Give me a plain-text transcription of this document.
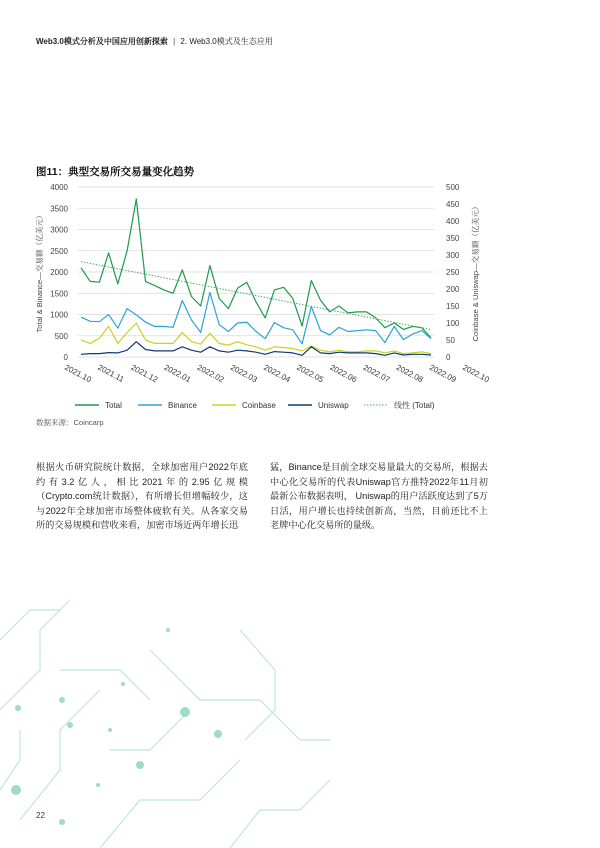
Web3.0模式分析及中国应用创新探索 | 2. Web3.0模式及生态应用
图11：典型交易所交易量变化趋势
0
500
1000
1500
2000
2500
3000
3500
4000
0
50
100
150
200
250
300
350
400
450
500
Total & Binance—交易额（亿美元）	Coinbase & Uniswap—交易额（亿美元）
2021.10 2021.11 2021.12 2022.01 2022.02 2022.03 2022.04 2022.05 2022.06 2022.07 2022.08 2022.09 2022.10
Total	Binance	Coinbase	Uniswap	线性 (Total)
数据来源：Coincarp
根据火币研究院统计数据，全球加密用户2022年底约有3.2亿人，相比2021年的2.95亿规模（Crypto.com统计数据），有所增长但增幅较少，这与2022年全球加密市场整体疲软有关。从各家交易所的交易规模和营收来看，加密市场近两年增长迅
猛，Binance是目前全球交易量最大的交易所，根据去中心化交易所的代表Uniswap官方推特2022年11月初最新公布数据表明， Uniswap的用户活跃度达到了5万日活，用户增长也持续创新高，当然，目前还比不上老牌中心化交易所的量级。
22
